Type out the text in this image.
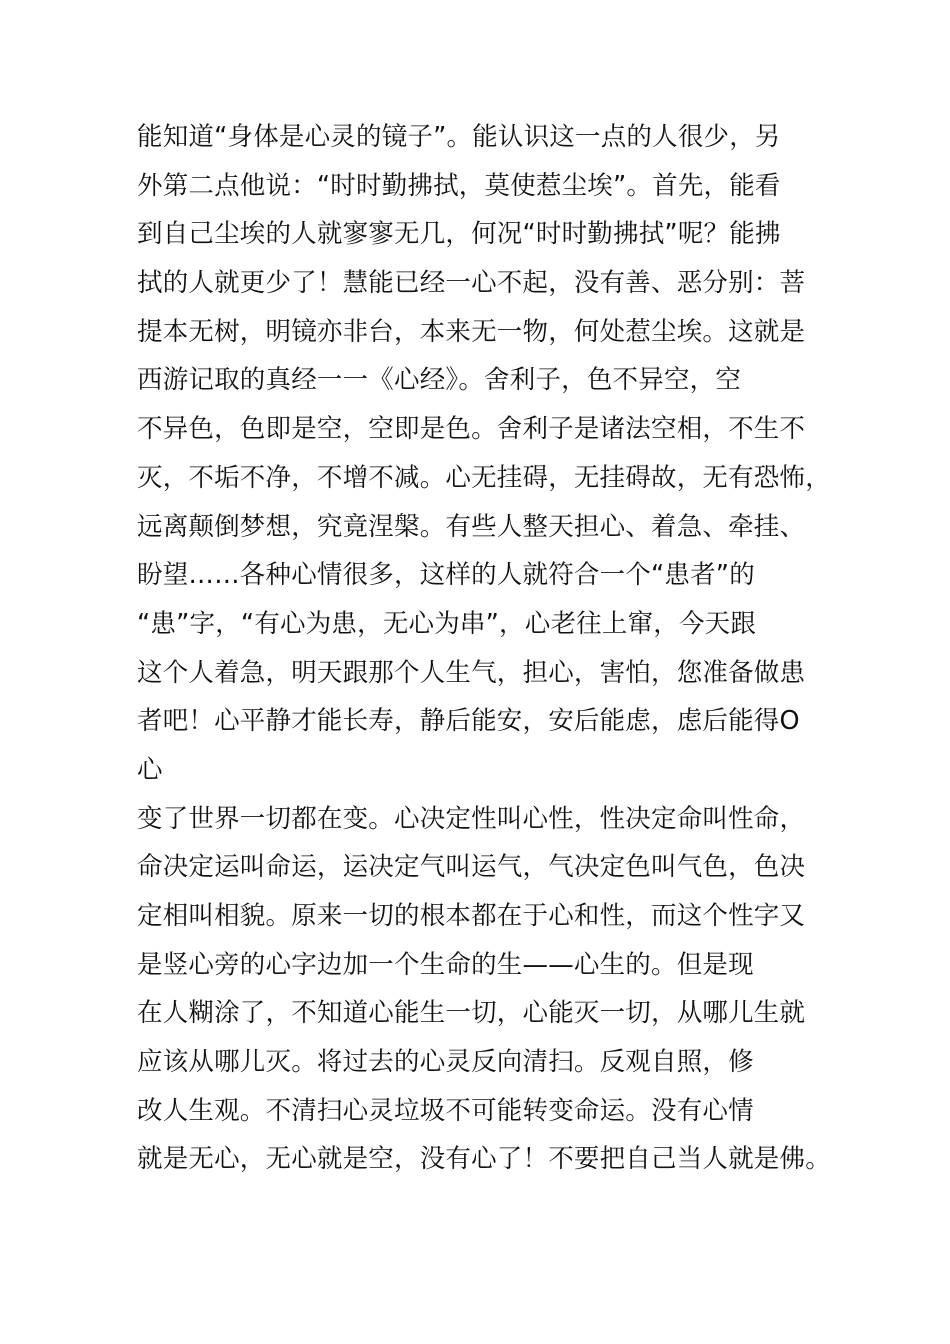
能知道“身体是心灵的镜子”。能认识这一点的人很少，另
外第二点他说：“时时勤拂拭，莫使惹尘埃”。首先，能看
到自己尘埃的人就寥寥无几，何况“时时勤拂拭”呢？能拂
拭的人就更少了！慧能已经一心不起，没有善、恶分别：菩
提本无树，明镜亦非台，本来无一物，何处惹尘埃。这就是
西游记取的真经一一《心经》。舍利子，色不异空，空
不异色，色即是空，空即是色。舍利子是诸法空相，不生不
灭，不垢不净，不增不减。心无挂碍，无挂碍故，无有恐怖，
远离颠倒梦想，究竟涅槃。有些人整天担心、着急、牵挂、
盼望……各种心情很多，这样的人就符合一个“患者”的
“患”字，“有心为患，无心为串”，心老往上窜，今天跟
这个人着急，明天跟那个人生气，担心，害怕，您准备做患
者吧！心平静才能长寿，静后能安，安后能虑，虑后能得O
心
变了世界一切都在变。心决定性叫心性，性决定命叫性命，
命决定运叫命运，运决定气叫运气，气决定色叫气色，色决
定相叫相貌。原来一切的根本都在于心和性，而这个性字又
是竖心旁的心字边加一个生命的生——心生的。但是现
在人糊涂了，不知道心能生一切，心能灭一切，从哪儿生就
应该从哪儿灭。将过去的心灵反向清扫。反观自照，修
改人生观。不清扫心灵垃圾不可能转变命运。没有心情
就是无心，无心就是空，没有心了！不要把自己当人就是佛。
